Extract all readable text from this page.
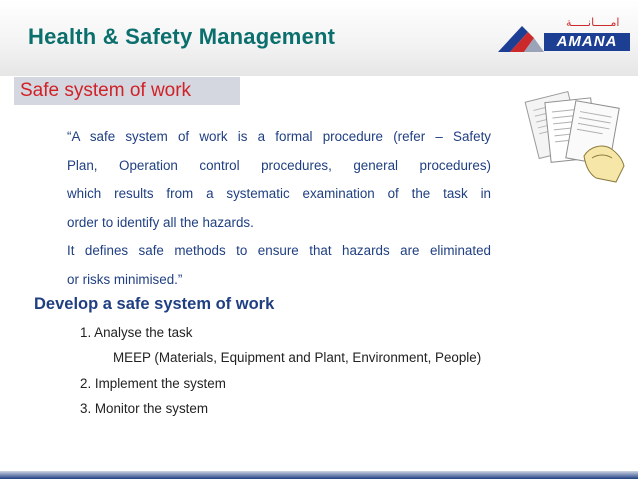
Health & Safety Management
امـــــانـــــة
AMANA
Safe system of work

“A safe system of work is a formal procedure (refer – Safety

Plan, Operation control procedures, general procedures)

which results from a systematic examination of the task in

order to identify all the hazards.

It defines safe methods to ensure that hazards are eliminated

or risks minimised.”

Develop a safe system of work
1. Analyse the task
MEEP (Materials, Equipment and Plant, Environment, People)
2. Implement the system
3. Monitor the system
